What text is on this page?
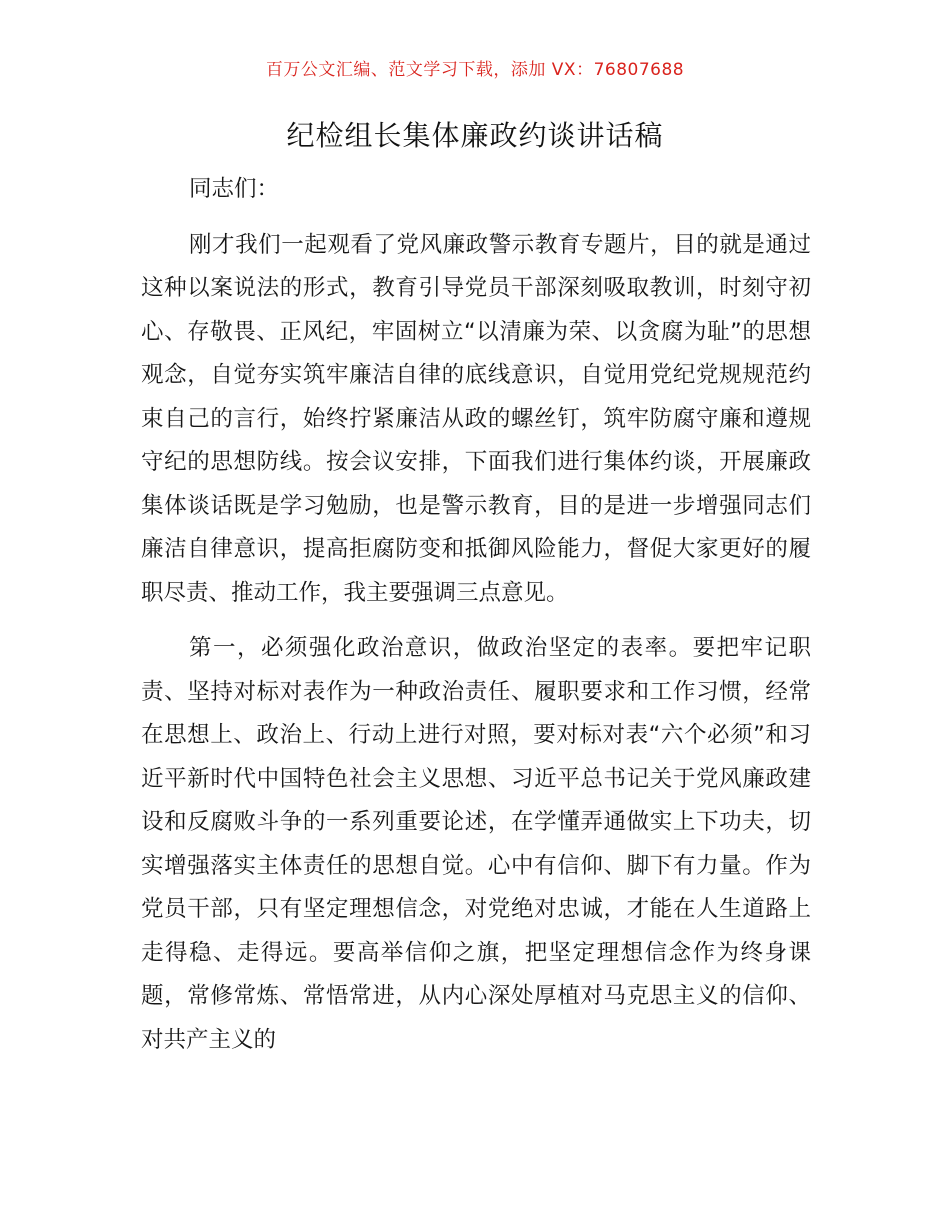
百万公文汇编、范文学习下载，添加 VX：76807688
纪检组长集体廉政约谈讲话稿

同志们：

刚才我们一起观看了党风廉政警示教育专题片，目的就是通过这种以案说法的形式，教育引导党员干部深刻吸取教训，时刻守初心、存敬畏、正风纪，牢固树立“以清廉为荣、以贪腐为耻”的思想观念，自觉夯实筑牢廉洁自律的底线意识，自觉用党纪党规规范约束自己的言行，始终拧紧廉洁从政的螺丝钉，筑牢防腐守廉和遵规守纪的思想防线。按会议安排，下面我们进行集体约谈，开展廉政集体谈话既是学习勉励，也是警示教育，目的是进一步增强同志们廉洁自律意识，提高拒腐防变和抵御风险能力，督促大家更好的履职尽责、推动工作，我主要强调三点意见。

第一，必须强化政治意识，做政治坚定的表率。要把牢记职责、坚持对标对表作为一种政治责任、履职要求和工作习惯，经常在思想上、政治上、行动上进行对照，要对标对表“六个必须”和习近平新时代中国特色社会主义思想、习近平总书记关于党风廉政建设和反腐败斗争的一系列重要论述，在学懂弄通做实上下功夫，切实增强落实主体责任的思想自觉。心中有信仰、脚下有力量。作为党员干部，只有坚定理想信念，对党绝对忠诚，才能在人生道路上走得稳、走得远。要高举信仰之旗，把坚定理想信念作为终身课题，常修常炼、常悟常进，从内心深处厚植对马克思主义的信仰、对共产主义的
